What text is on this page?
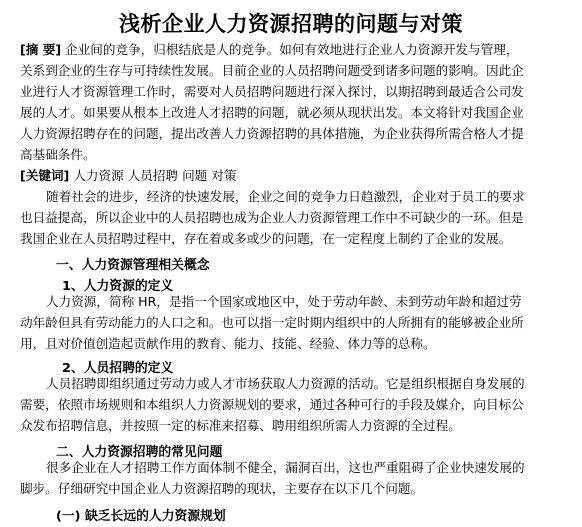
浅析企业人力资源招聘的问题与对策
[摘 要] 企业间的竞争，归根结底是人的竞争。如何有效地进行企业人力资源开发与管理，
关系到企业的生存与可持续性发展。目前企业的人员招聘问题受到诸多问题的影响。因此企
业进行人才资源管理工作时，需要对人员招聘问题进行深入探讨，以期招聘到最适合公司发
展的人才。如果要从根本上改进人才招聘的问题，就必须从现状出发。本文将针对我国企业
人力资源招聘存在的问题，提出改善人力资源招聘的具体措施，为企业获得所需合格人才提
高基础条件。
[关键词] 人力资源 人员招聘 问题 对策
随着社会的进步，经济的快速发展，企业之间的竞争力日趋激烈，企业对于员工的要求
也日益提高，所以企业中的人员招聘也成为企业人力资源管理工作中不可缺少的一环。但是
我国企业在人员招聘过程中，存在着或多或少的问题，在一定程度上制约了企业的发展。
一、人力资源管理相关概念
1、人力资源的定义
人力资源，简称 HR，是指一个国家或地区中，处于劳动年龄、未到劳动年龄和超过劳
动年龄但具有劳动能力的人口之和。也可以指一定时期内组织中的人所拥有的能够被企业所
用，且对价值创造起贡献作用的教育、能力、技能、经验、体力等的总称。
2、人员招聘的定义
人员招聘即组织通过劳动力或人才市场获取人力资源的活动。它是组织根据自身发展的
需要，依照市场规则和本组织人力资源规划的要求，通过各种可行的手段及媒介，向目标公
众发布招聘信息，并按照一定的标准来招募、聘用组织所需人力资源的全过程。
二、人力资源招聘的常见问题
很多企业在人才招聘工作方面体制不健全，漏洞百出，这也严重阻碍了企业快速发展的
脚步。仔细研究中国企业人力资源招聘的现状，主要存在以下几个问题。
(一) 缺乏长远的人力资源规划
